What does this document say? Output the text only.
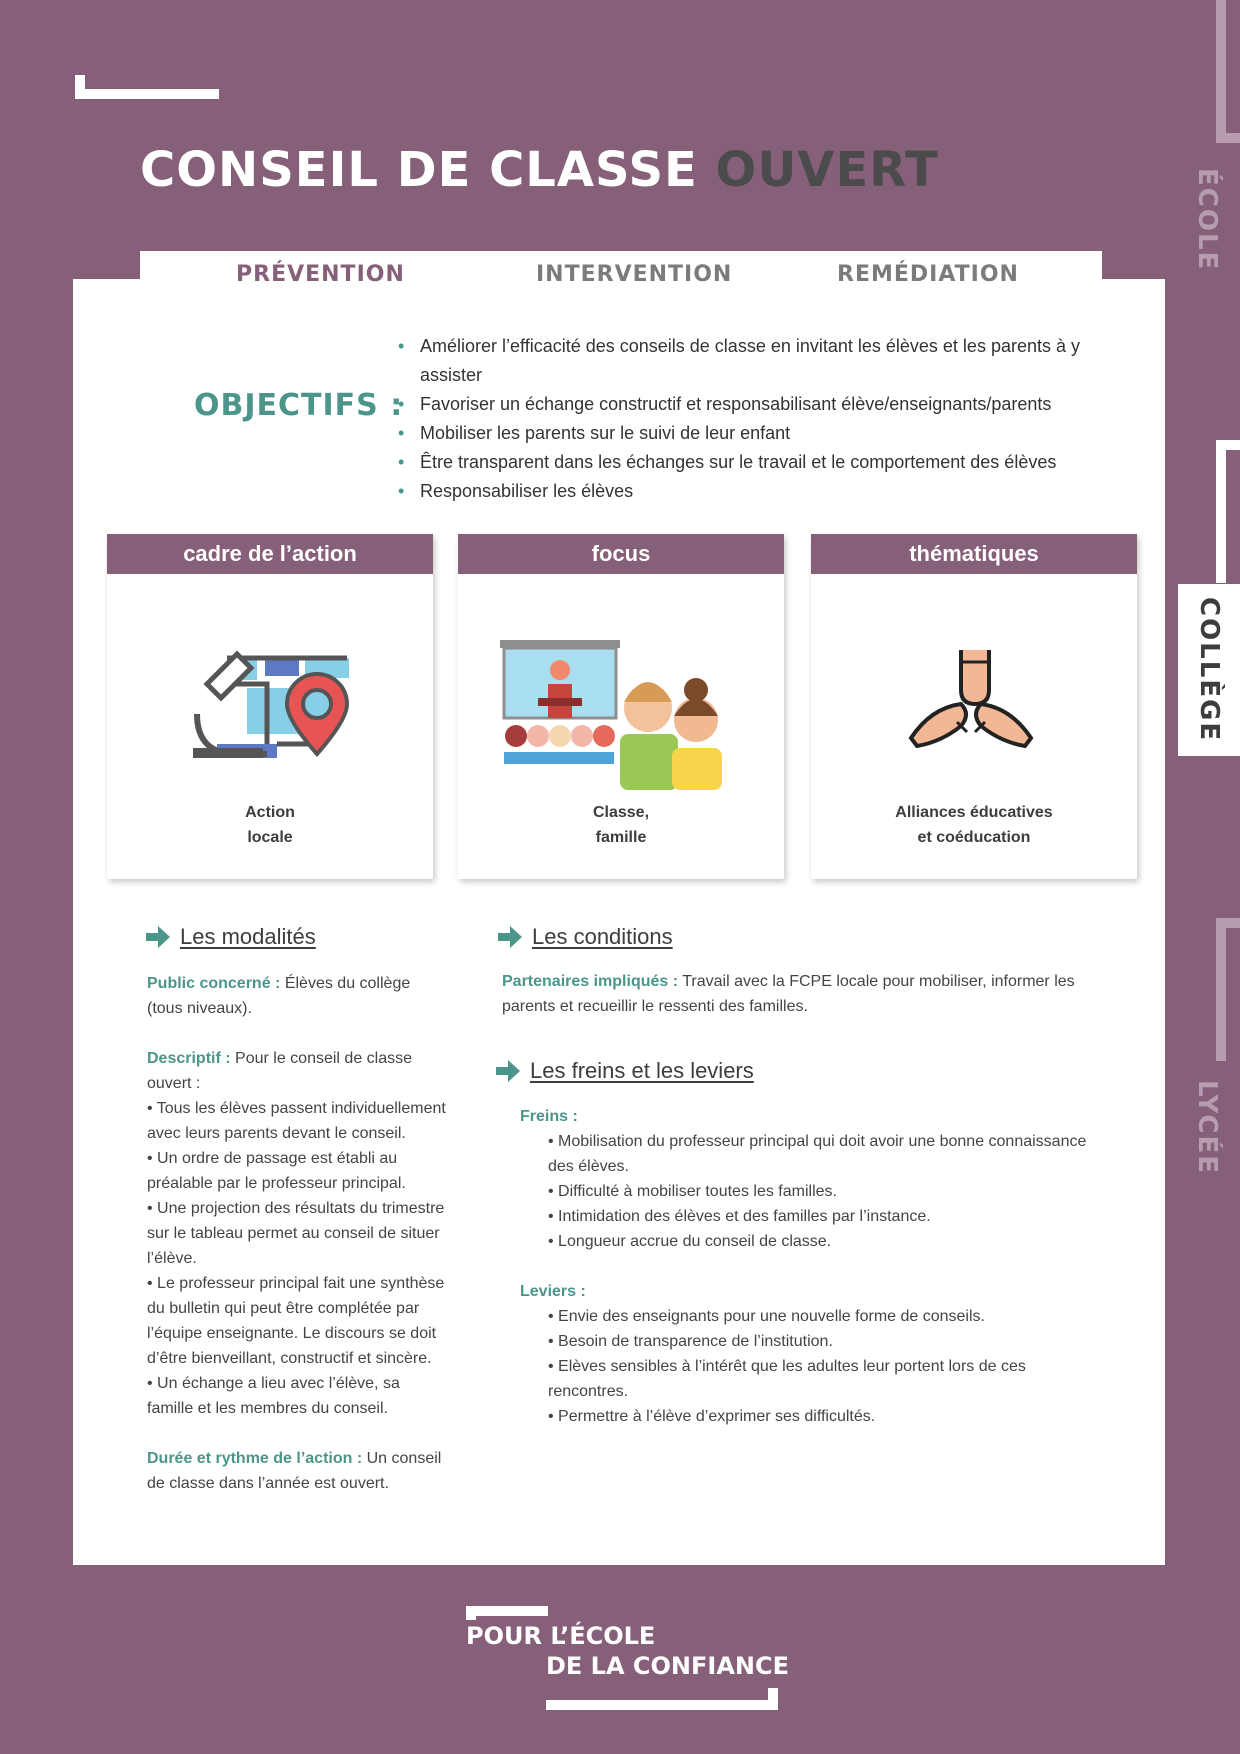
CONSEIL DE CLASSE OUVERT	ÉCOLE
COLLÈGE
LYCÉE
PRÉVENTION	INTERVENTION	REMÉDIATION
OBJECTIFS :
• Améliorer l’efficacité des conseils de classe en invitant les élèves et les parents à y assister
• Favoriser un échange constructif et responsabilisant élève/enseignants/parents
• Mobiliser les parents sur le suivi de leur enfant
• Être transparent dans les échanges sur le travail et le comportement des élèves
• Responsabiliser les élèves
cadre de l’action
Action
locale
focus
Classe,
famille
thématiques
Alliances éducatives
et coéducation
Les modalités

Public concerné : Élèves du collège (tous niveaux).

Descriptif : Pour le conseil de classe ouvert :

• Tous les élèves passent individuellement avec leurs parents devant le conseil.

• Un ordre de passage est établi au préalable par le professeur principal.

• Une projection des résultats du trimestre sur le tableau permet au conseil de situer l’élève.

• Le professeur principal fait une synthèse du bulletin qui peut être complétée par l’équipe enseignante. Le discours se doit d’être bienveillant, constructif et sincère.

• Un échange a lieu avec l’élève, sa famille et les membres du conseil.

Durée et rythme de l’action : Un conseil de classe dans l’année est ouvert.

Les conditions

Partenaires impliqués : Travail avec la FCPE locale pour mobiliser, informer les parents et recueillir le ressenti des familles.

Les freins et les leviers

Freins :

• Mobilisation du professeur principal qui doit avoir une bonne connaissance des élèves.

• Difficulté à mobiliser toutes les familles.

• Intimidation des élèves et des familles par l’instance.

• Longueur accrue du conseil de classe.

Leviers :

• Envie des enseignants pour une nouvelle forme de conseils.

• Besoin de transparence de l’institution.

• Elèves sensibles à l’intérêt que les adultes leur portent lors de ces rencontres.

• Permettre à l’élève d’exprimer ses difficultés.

POUR L’ÉCOLE
DE LA CONFIANCE
